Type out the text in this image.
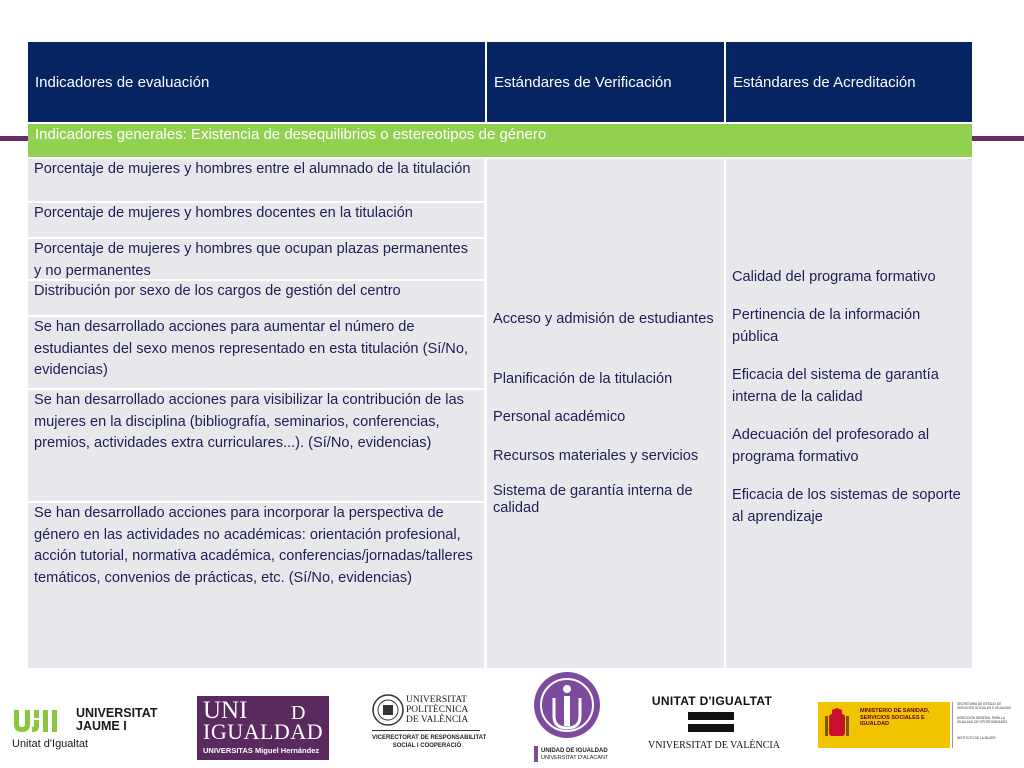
Indicadores de evaluación	Estándares de Verificación	Estándares de Acreditación
Indicadores generales: Existencia de desequilibrios o estereotipos de género
Porcentaje de mujeres y hombres entre el alumnado de la titulación
Porcentaje de mujeres y hombres docentes en la titulación
Porcentaje de mujeres y hombres que ocupan plazas permanentes y no permanentes
Distribución por sexo de los cargos de gestión del centro
Se han desarrollado acciones para aumentar el número de estudiantes del sexo menos representado en esta titulación (Sí/No, evidencias)
Se han desarrollado acciones para visibilizar la contribución de las mujeres en la disciplina (bibliografía, seminarios, conferencias, premios, actividades extra curriculares...). (Sí/No, evidencias)
Se han desarrollado acciones para incorporar la perspectiva de género en las actividades no académicas: orientación profesional, acción tutorial, normativa académica, conferencias/jornadas/talleres temáticos, convenios de prácticas, etc. (Sí/No, evidencias)
Acceso y admisión de estudiantes
Planificación de la titulación
Personal académico
Recursos materiales y servicios
Sistema de garantía interna de calidad
Calidad del programa formativo
Pertinencia de la información pública
Eficacia del sistema de garantía interna de la calidad
Adecuación del profesorado al programa formativo
Eficacia de los sistemas de soporte al aprendizaje
UNIVERSITAT JAUME I
Unitat d'Igualtat
UNI D
IGUALDAD
UNIVERSITAS Miguel Hernández
UNIVERSITAT
POLITÈCNICA
DE VALÈNCIA
VICERECTORAT DE RESPONSABILITAT
SOCIAL I COOPERACIÓ
UNIDAD DE IGUALDAD
UNIVERSITAT D'ALACANT
UNITAT D'IGUALTAT
VNIVERSITAT DE VALÈNCIA
MINISTERIO DE SANIDAD, SERVICIOS SOCIALES E IGUALDAD
SECRETARÍA DE ESTADO DE SERVICIOS SOCIALES E IGUALDAD
DIRECCIÓN GENERAL PARA LA IGUALDAD DE OPORTUNIDADES
INSTITUTO DE LA MUJER
